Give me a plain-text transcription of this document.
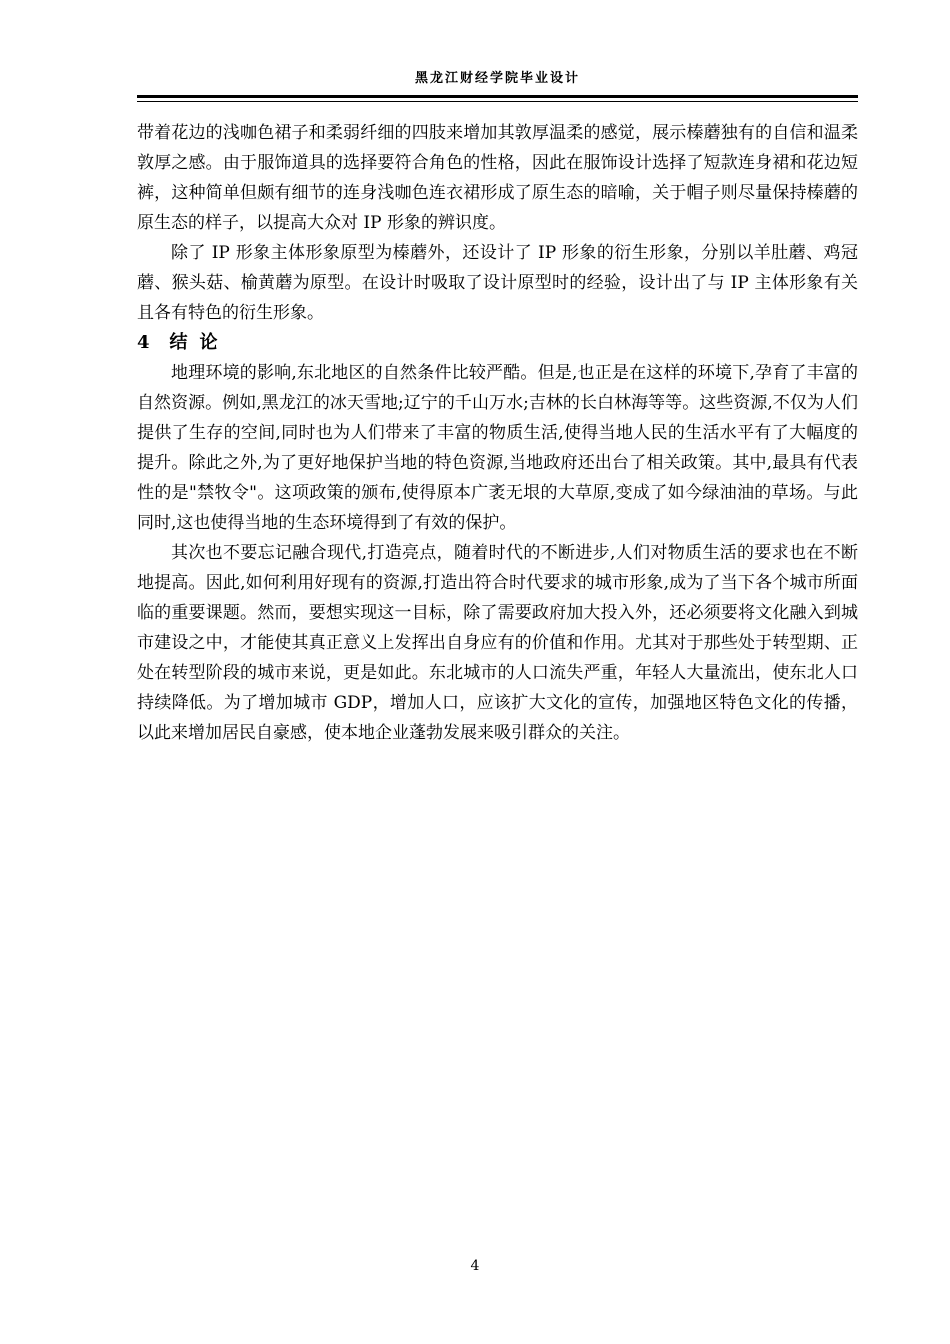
黑龙江财经学院毕业设计

带着花边的浅咖色裙子和柔弱纤细的四肢来增加其敦厚温柔的感觉，展示榛蘑独有的自信和温柔敦厚之感。由于服饰道具的选择要符合角色的性格，因此在服饰设计选择了短款连身裙和花边短裤，这种简单但颇有细节的连身浅咖色连衣裙形成了原生态的暗喻，关于帽子则尽量保持榛蘑的原生态的样子，以提高大众对 IP 形象的辨识度。

除了 IP 形象主体形象原型为榛蘑外，还设计了 IP 形象的衍生形象，分别以羊肚蘑、鸡冠蘑、猴头菇、榆黄蘑为原型。在设计时吸取了设计原型时的经验，设计出了与 IP 主体形象有关且各有特色的衍生形象。

4 结论

地理环境的影响,东北地区的自然条件比较严酷。但是,也正是在这样的环境下,孕育了丰富的自然资源。例如,黑龙江的冰天雪地;辽宁的千山万水;吉林的长白林海等等。这些资源,不仅为人们提供了生存的空间,同时也为人们带来了丰富的物质生活,使得当地人民的生活水平有了大幅度的提升。除此之外,为了更好地保护当地的特色资源,当地政府还出台了相关政策。其中,最具有代表性的是"禁牧令"。这项政策的颁布,使得原本广袤无垠的大草原,变成了如今绿油油的草场。与此同时,这也使得当地的生态环境得到了有效的保护。

其次也不要忘记融合现代,打造亮点，随着时代的不断进步,人们对物质生活的要求也在不断地提高。因此,如何利用好现有的资源,打造出符合时代要求的城市形象,成为了当下各个城市所面临的重要课题。然而，要想实现这一目标，除了需要政府加大投入外，还必须要将文化融入到城市建设之中，才能使其真正意义上发挥出自身应有的价值和作用。尤其对于那些处于转型期、正处在转型阶段的城市来说，更是如此。东北城市的人口流失严重，年轻人大量流出，使东北人口持续降低。为了增加城市 GDP，增加人口，应该扩大文化的宣传，加强地区特色文化的传播，以此来增加居民自豪感，使本地企业蓬勃发展来吸引群众的关注。

4
